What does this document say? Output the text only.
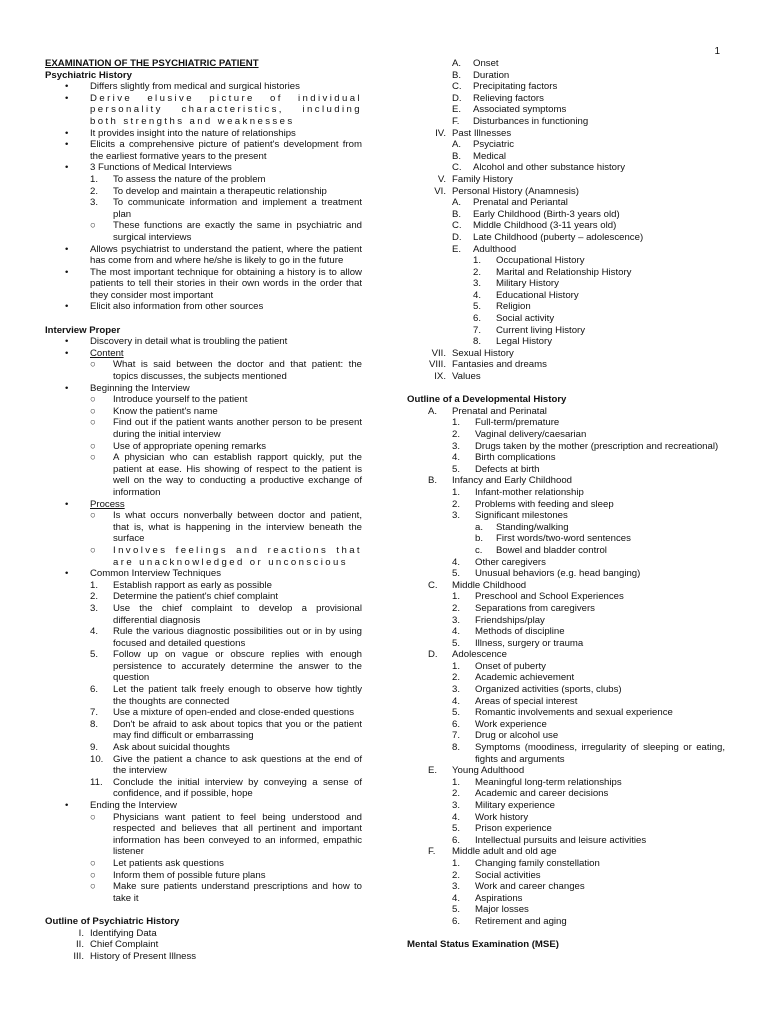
1
EXAMINATION OF THE PSYCHIATRIC PATIENT
Psychiatric History
•	Differs slightly from medical and surgical histories
•	Derive elusive picture of individual personality characteristics, including both strengths and weaknesses
•	It provides insight into the nature of relationships
•	Elicits a comprehensive picture of patient's development from the earliest formative years to the present
•	3 Functions of Medical Interviews
1.	To assess the nature of the problem
2.	To develop and maintain a therapeutic relationship
3.	To communicate information and implement a treatment plan
○	These functions are exactly the same in psychiatric and surgical interviews
•	Allows psychiatrist to understand the patient, where the patient has come from and where he/she is likely to go in the future
•	The most important technique for obtaining a history is to allow patients to tell their stories in their own words in the order that they consider most important
•	Elicit also information from other sources
Interview Proper
•	Discovery in detail what is troubling the patient
•	Content
○	What is said between the doctor and that patient: the topics discusses, the subjects mentioned
•	Beginning the Interview
○	Introduce yourself to the patient
○	Know the patient's name
○	Find out if the patient wants another person to be present during the initial interview
○	Use of appropriate opening remarks
○	A physician who can establish rapport quickly, put the patient at ease. His showing of respect to the patient is well on the way to conducting a productive exchange of information
•	Process
○	Is what occurs nonverbally between doctor and patient, that is, what is happening in the interview beneath the surface
○	Involves feelings and reactions that are unacknowledged or unconscious
•	Common Interview Techniques
1.	Establish rapport as early as possible
2.	Determine the patient's chief complaint
3.	Use the chief complaint to develop a provisional differential diagnosis
4.	Rule the various diagnostic possibilities out or in by using focused and detailed questions
5.	Follow up on vague or obscure replies with enough persistence to accurately determine the answer to the question
6.	Let the patient talk freely enough to observe how tightly the thoughts are connected
7.	Use a mixture of open-ended and close-ended questions
8.	Don't be afraid to ask about topics that you or the patient may find difficult or embarrassing
9.	Ask about suicidal thoughts
10.	Give the patient a chance to ask questions at the end of the interview
11.	Conclude the initial interview by conveying a sense of confidence, and if possible, hope
•	Ending the Interview
○	Physicians want patient to feel being understood and respected and believes that all pertinent and important information has been conveyed to an informed, empathic listener
○	Let patients ask questions
○	Inform them of possible future plans
○	Make sure patients understand prescriptions and how to take it
Outline of Psychiatric History
I. Identifying Data
II. Chief Complaint
III. History of Present Illness
A.	Onset
B.	Duration
C.	Precipitating factors
D.	Relieving factors
E.	Associated symptoms
F.	Disturbances in functioning
IV. Past Illnesses
A.	Psyciatric
B.	Medical
C.	Alcohol and other substance history
V. Family History
VI. Personal History (Anamnesis)
A.	Prenatal and Periantal
B.	Early Childhood (Birth-3 years old)
C.	Middle Childhood (3-11 years old)
D.	Late Childhood (puberty – adolescence)
E.	Adulthood
1.	Occupational History
2.	Marital and Relationship History
3.	Military History
4.	Educational History
5.	Religion
6.	Social activity
7.	Current living History
8.	Legal History
VII. Sexual History
VIII. Fantasies and dreams
IX. Values
Outline of a Developmental History
A.	Prenatal and Perinatal
1.	Full-term/premature
2.	Vaginal delivery/caesarian
3.	Drugs taken by the mother (prescription and recreational)
4.	Birth complications
5.	Defects at birth
B.	Infancy and Early Childhood
1.	Infant-mother relationship
2.	Problems with feeding and sleep
3.	Significant milestones
a.	Standing/walking
b.	First words/two-word sentences
c.	Bowel and bladder control
4.	Other caregivers
5.	Unusual behaviors (e.g. head banging)
C.	Middle Childhood
1.	Preschool and School Experiences
2.	Separations from caregivers
3.	Friendships/play
4.	Methods of discipline
5.	Illness, surgery or trauma
D.	Adolescence
1.	Onset of puberty
2.	Academic achievement
3.	Organized activities (sports, clubs)
4.	Areas of special interest
5.	Romantic involvements and sexual experience
6.	Work experience
7.	Drug or alcohol use
8.	Symptoms (moodiness, irregularity of sleeping or eating, fights and arguments
E.	Young Adulthood
1.	Meaningful long-term relationships
2.	Academic and career decisions
3.	Military experience
4.	Work history
5.	Prison experience
6.	Intellectual pursuits and leisure activities
F.	Middle adult and old age
1.	Changing family constellation
2.	Social activities
3.	Work and career changes
4.	Aspirations
5.	Major losses
6.	Retirement and aging
Mental Status Examination (MSE)
